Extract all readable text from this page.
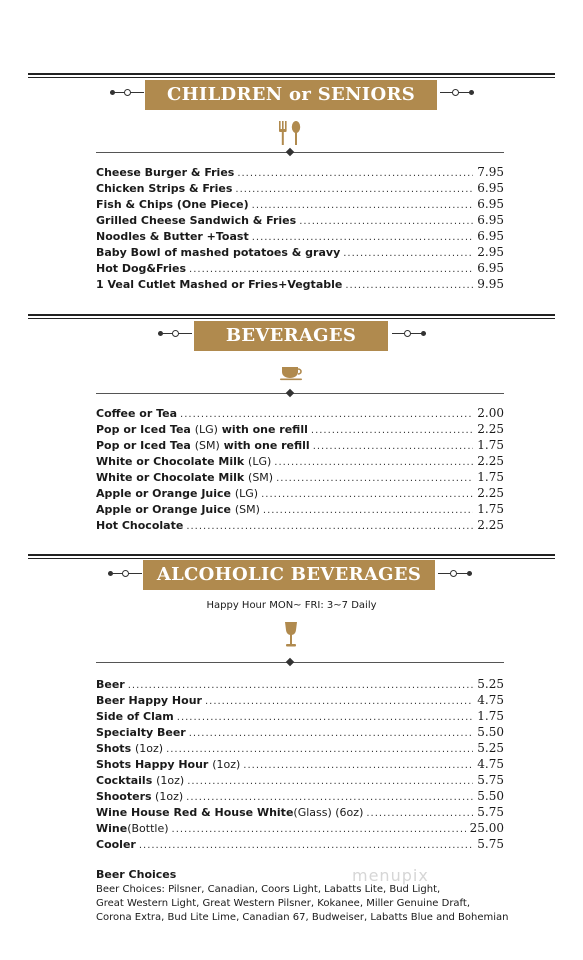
CHILDREN or SENIORS
Cheese Burger & Fries .....	7.95
Chicken Strips & Fries .....	6.95
Fish & Chips (One Piece) .....	6.95
Grilled Cheese Sandwich & Fries .....	6.95
Noodles & Butter +Toast .....	6.95
Baby Bowl of mashed potatoes & gravy .....	2.95
Hot Dog&Fries .....	6.95
1 Veal Cutlet Mashed or Fries+Vegtable .....	9.95
BEVERAGES
Coffee or Tea .....	2.00
Pop or Iced Tea (LG) with one refill .....	2.25
Pop or Iced Tea (SM) with one refill .....	1.75
White or Chocolate Milk (LG) .....	2.25
White or Chocolate Milk (SM) .....	1.75
Apple or Orange Juice (LG) .....	2.25
Apple or Orange Juice (SM) .....	1.75
Hot Chocolate .....	2.25
ALCOHOLIC BEVERAGES
Happy Hour MON~ FRI: 3~7 Daily
Beer .....	5.25
Beer Happy Hour .....	4.75
Side of Clam .....	1.75
Specialty Beer .....	5.50
Shots (1oz) .....	5.25
Shots Happy Hour (1oz) .....	4.75
Cocktails (1oz) .....	5.75
Shooters (1oz) .....	5.50
Wine House Red & House White(Glass) (6oz) .....	5.75
Wine(Bottle) .....	25.00
Cooler .....	5.75
menupix
Beer Choices
Beer Choices: Pilsner, Canadian, Coors Light, Labatts Lite, Bud Light,
Great Western Light, Great Western Pilsner, Kokanee, Miller Genuine Draft,
Corona Extra, Bud Lite Lime, Canadian 67, Budweiser, Labatts Blue and Bohemian
